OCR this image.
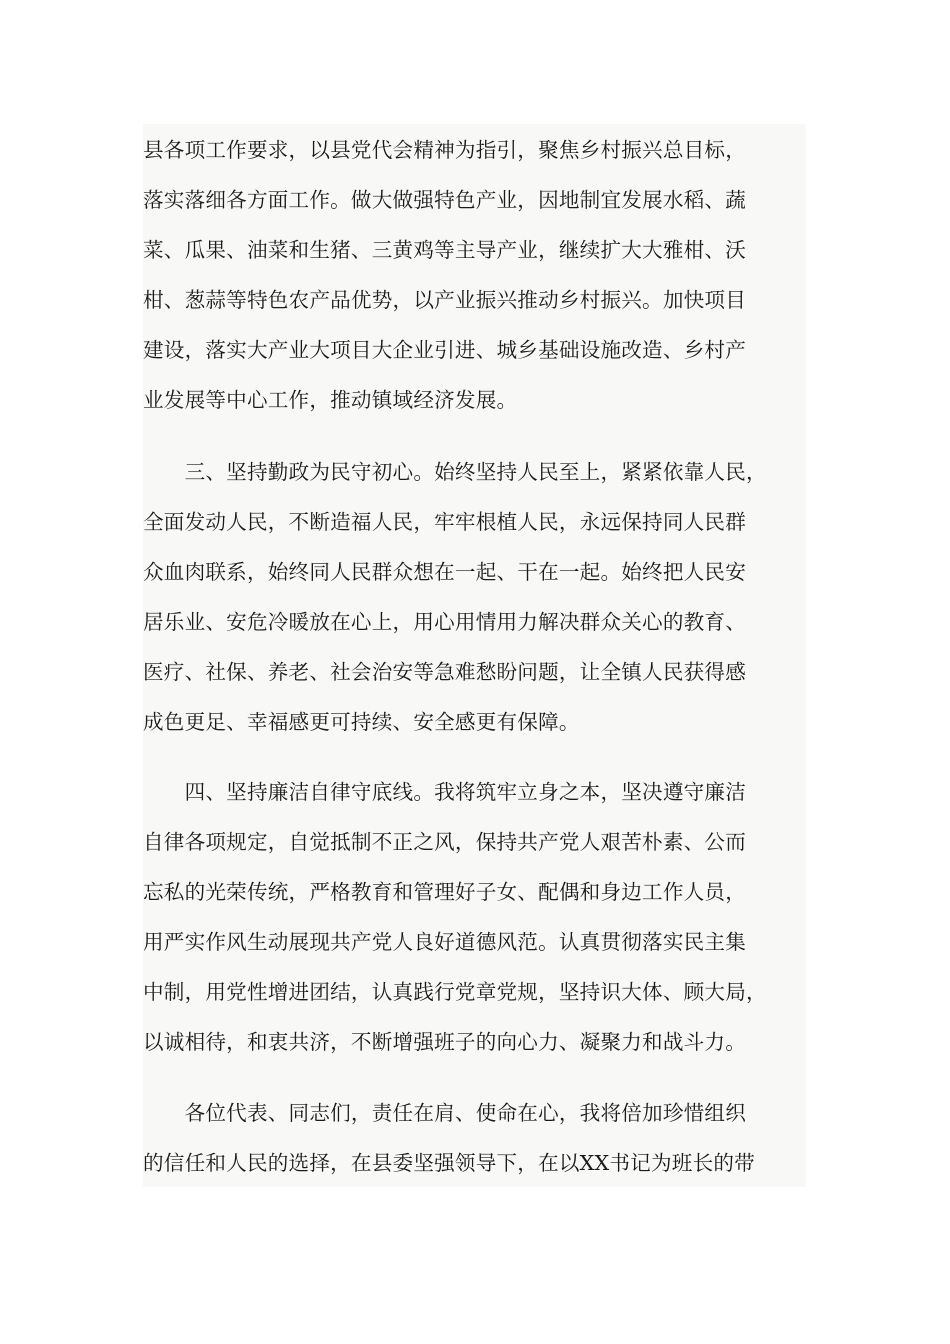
县各项工作要求，以县党代会精神为指引，聚焦乡村振兴总目标，
落实落细各方面工作。做大做强特色产业，因地制宜发展水稻、蔬
菜、瓜果、油菜和生猪、三黄鸡等主导产业，继续扩大大雅柑、沃
柑、葱蒜等特色农产品优势，以产业振兴推动乡村振兴。加快项目
建设，落实大产业大项目大企业引进、城乡基础设施改造、乡村产
业发展等中心工作，推动镇域经济发展。
　　三、坚持勤政为民守初心。始终坚持人民至上，紧紧依靠人民，
全面发动人民，不断造福人民，牢牢根植人民，永远保持同人民群
众血肉联系，始终同人民群众想在一起、干在一起。始终把人民安
居乐业、安危冷暖放在心上，用心用情用力解决群众关心的教育、
医疗、社保、养老、社会治安等急难愁盼问题，让全镇人民获得感
成色更足、幸福感更可持续、安全感更有保障。
　　四、坚持廉洁自律守底线。我将筑牢立身之本，坚决遵守廉洁
自律各项规定，自觉抵制不正之风，保持共产党人艰苦朴素、公而
忘私的光荣传统，严格教育和管理好子女、配偶和身边工作人员，
用严实作风生动展现共产党人良好道德风范。认真贯彻落实民主集
中制，用党性增进团结，认真践行党章党规，坚持识大体、顾大局，
以诚相待，和衷共济，不断增强班子的向心力、凝聚力和战斗力。
　　各位代表、同志们，责任在肩、使命在心，我将倍加珍惜组织
的信任和人民的选择，在县委坚强领导下，在以XX书记为班长的带
